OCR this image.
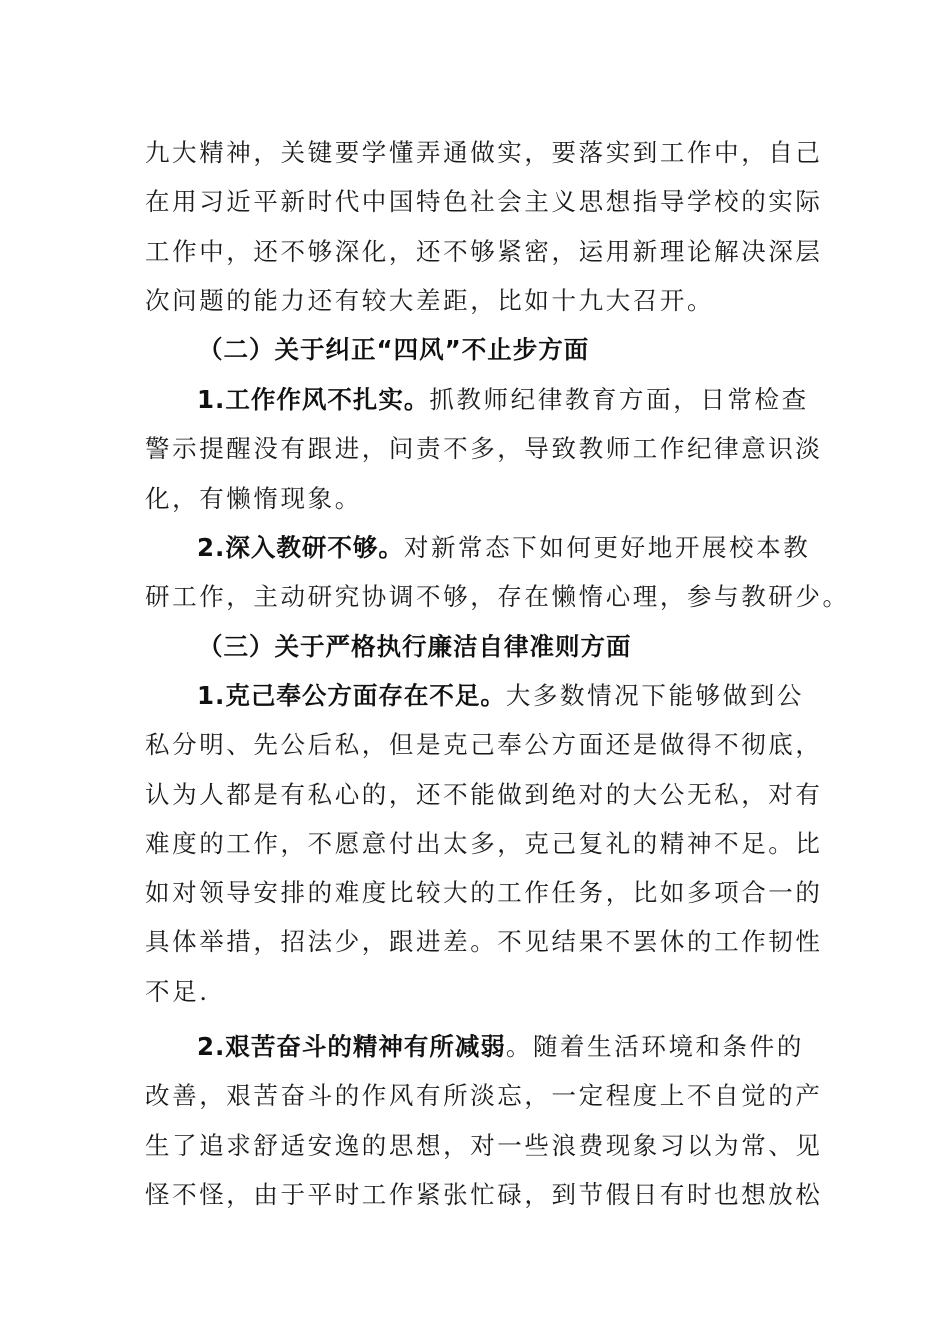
九大精神，关键要学懂弄通做实，要落实到工作中，自己
在用习近平新时代中国特色社会主义思想指导学校的实际
工作中，还不够深化，还不够紧密，运用新理论解决深层
次问题的能力还有较大差距，比如十九大召开。
（二）关于纠正“四风”不止步方面
1.工作作风不扎实。抓教师纪律教育方面，日常检查
警示提醒没有跟进，问责不多，导致教师工作纪律意识淡
化，有懒惰现象。
2.深入教研不够。对新常态下如何更好地开展校本教
研工作，主动研究协调不够，存在懒惰心理，参与教研少。
（三）关于严格执行廉洁自律准则方面
1.克己奉公方面存在不足。大多数情况下能够做到公
私分明、先公后私，但是克己奉公方面还是做得不彻底，
认为人都是有私心的，还不能做到绝对的大公无私，对有
难度的工作，不愿意付出太多，克己复礼的精神不足。比
如对领导安排的难度比较大的工作任务，比如多项合一的
具体举措，招法少，跟进差。不见结果不罢休的工作韧性
不足.
2.艰苦奋斗的精神有所减弱。随着生活环境和条件的
改善，艰苦奋斗的作风有所淡忘，一定程度上不自觉的产
生了追求舒适安逸的思想，对一些浪费现象习以为常、见
怪不怪，由于平时工作紧张忙碌，到节假日有时也想放松
